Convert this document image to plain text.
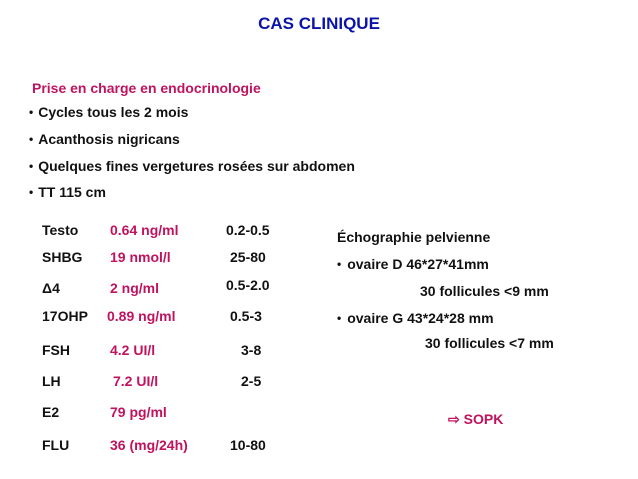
CAS CLINIQUE
Prise en charge en endocrinologie
• Cycles tous les 2 mois
• Acanthosis nigricans
• Quelques fines vergetures rosées sur abdomen
• TT 115 cm
Testo 0.64 ng/ml	0.2-0.5
SHBG 19 nmol/l	25-80
Δ4	2 ng/ml	0.5-2.0
17OHP 0.89 ng/ml	0.5-3
FSH	4.2 UI/l	3-8
LH	7.2 UI/l	2-5
E2	79 pg/ml
FLU	36 (mg/24h)	10-80
Échographie pelvienne
• ovaire D 46*27*41mm
30 follicules <9 mm
• ovaire G 43*24*28 mm
30 follicules <7 mm
⇨ SOPK
